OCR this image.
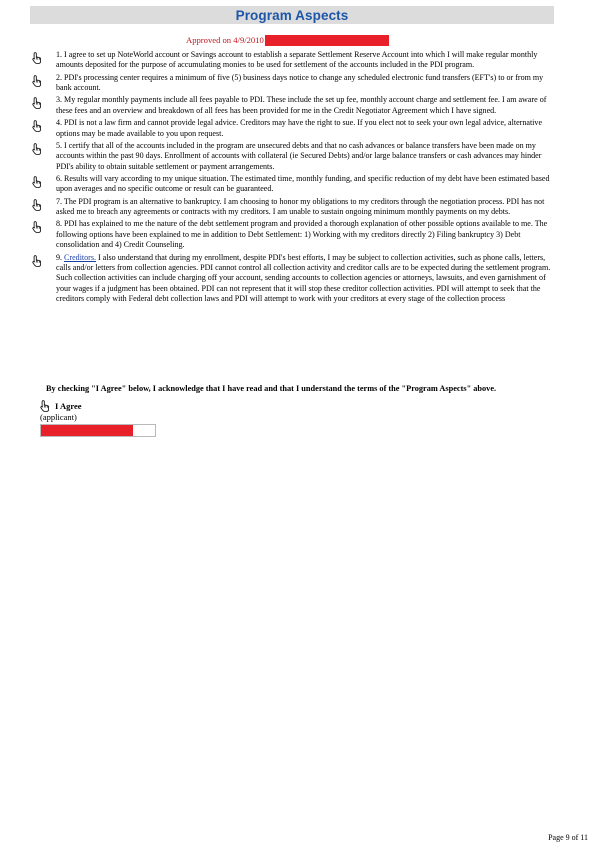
Program Aspects
Approved on 4/9/2010

1. I agree to set up NoteWorld account or Savings account to establish a separate Settlement Reserve Account into which I will make regular monthly amounts deposited for the purpose of accumulating monies to be used for settlement of the accounts included in the PDI program.

2. PDI's processing center requires a minimum of five (5) business days notice to change any scheduled electronic fund transfers (EFT's) to or from my bank account.

3. My regular monthly payments include all fees payable to PDI. These include the set up fee, monthly account charge and settlement fee. I am aware of these fees and an overview and breakdown of all fees has been provided for me in the Credit Negotiator Agreement which I have signed.

4. PDI is not a law firm and cannot provide legal advice. Creditors may have the right to sue. If you elect not to seek your own legal advice, alternative options may be made available to you upon request.

5. I certify that all of the accounts included in the program are unsecured debts and that no cash advances or balance transfers have been made on my accounts within the past 90 days. Enrollment of accounts with collateral (ie Secured Debts) and/or large balance transfers or cash advances may hinder PDI's ability to obtain suitable settlement or payment arrangements.

6. Results will vary according to my unique situation. The estimated time, monthly funding, and specific reduction of my debt have been estimated based upon averages and no specific outcome or result can be guaranteed.

7. The PDI program is an alternative to bankruptcy. I am choosing to honor my obligations to my creditors through the negotiation process. PDI has not asked me to breach any agreements or contracts with my creditors. I am unable to sustain ongoing minimum monthly payments on my debts.

8. PDI has explained to me the nature of the debt settlement program and provided a thorough explanation of other possible options available to me. The following options have been explained to me in addition to Debt Settlement: 1) Working with my creditors directly 2) Filing bankruptcy 3) Debt consolidation and 4) Credit Counseling.

9. Creditors. I also understand that during my enrollment, despite PDI's best efforts, I may be subject to collection activities, such as phone calls, letters, calls and/or letters from collection agencies. PDI cannot control all collection activity and creditor calls are to be expected during the settlement program. Such collection activities can include charging off your account, sending accounts to collection agencies or attorneys, lawsuits, and even garnishment of your wages if a judgment has been obtained. PDI can not represent that it will stop these creditor collection activities. PDI will attempt to seek that the creditors comply with Federal debt collection laws and PDI will attempt to work with your creditors at every stage of the collection process

By checking "I Agree" below, I acknowledge that I have read and that I understand the terms of the "Program Aspects" above.

I Agree
(applicant)
Page 9 of 11
